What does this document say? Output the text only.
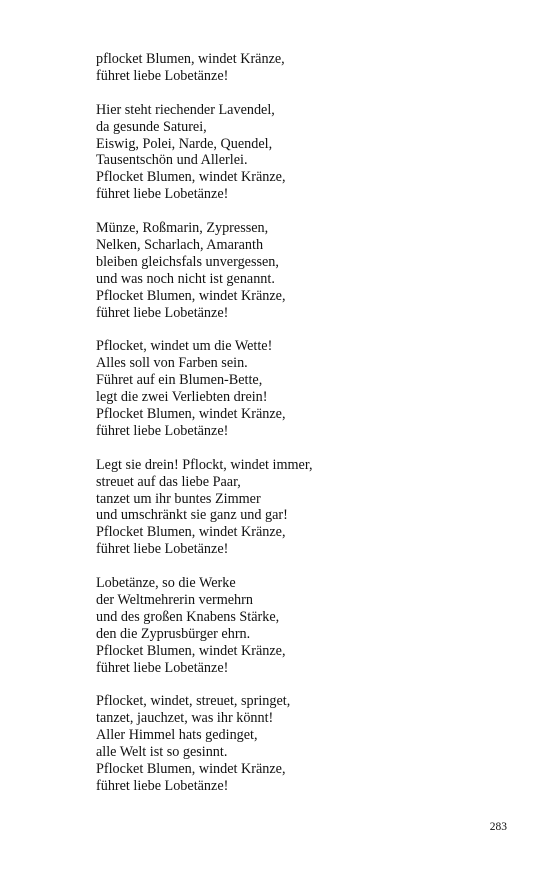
pflocket Blumen, windet Kränze,
führet liebe Lobetänze!
Hier steht riechender Lavendel,
da gesunde Saturei,
Eiswig, Polei, Narde, Quendel,
Tausentschön und Allerlei.
Pflocket Blumen, windet Kränze,
führet liebe Lobetänze!
Münze, Roßmarin, Zypressen,
Nelken, Scharlach, Amaranth
bleiben gleichsfals unvergessen,
und was noch nicht ist genannt.
Pflocket Blumen, windet Kränze,
führet liebe Lobetänze!
Pflocket, windet um die Wette!
Alles soll von Farben sein.
Führet auf ein Blumen-Bette,
legt die zwei Verliebten drein!
Pflocket Blumen, windet Kränze,
führet liebe Lobetänze!
Legt sie drein! Pflockt, windet immer,
streuet auf das liebe Paar,
tanzet um ihr buntes Zimmer
und umschränkt sie ganz und gar!
Pflocket Blumen, windet Kränze,
führet liebe Lobetänze!
Lobetänze, so die Werke
der Weltmehrerin vermehrn
und des großen Knabens Stärke,
den die Zyprusbürger ehrn.
Pflocket Blumen, windet Kränze,
führet liebe Lobetänze!
Pflocket, windet, streuet, springet,
tanzet, jauchzet, was ihr könnt!
Aller Himmel hats gedinget,
alle Welt ist so gesinnt.
Pflocket Blumen, windet Kränze,
führet liebe Lobetänze!
283
